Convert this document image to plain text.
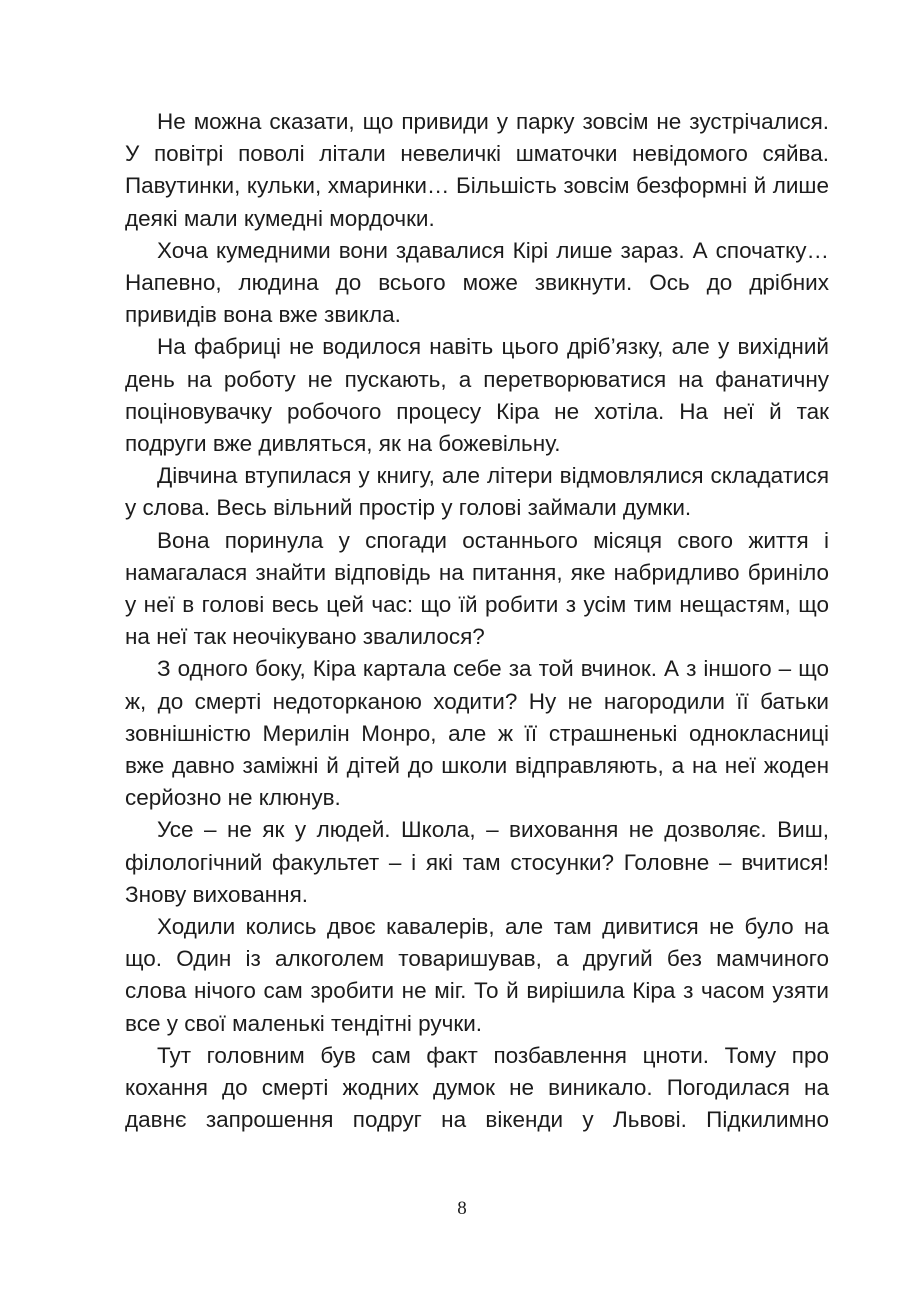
Не можна сказати, що привиди у парку зовсім не зустрічалися. У повітрі поволі літали невеличкі шматочки невідомого сяйва. Павутинки, кульки, хмаринки… Більшість зовсім безформні й лише деякі мали кумедні мордочки.

Хоча кумедними вони здавалися Кірі лише зараз. А спочатку… Напевно, людина до всього може звикнути. Ось до дрібних привидів вона вже звикла.

На фабриці не водилося навіть цього дріб’язку, але у вихідний день на роботу не пускають, а перетворюватися на фанатичну поціновувачку робочого процесу Кіра не хотіла. На неї й так подруги вже дивляться, як на божевільну.

Дівчина втупилася у книгу, але літери відмовлялися складатися у слова. Весь вільний простір у голові займали думки.

Вона поринула у спогади останнього місяця свого життя і намагалася знайти відповідь на питання, яке набридливо бриніло у неї в голові весь цей час: що їй робити з усім тим нещастям, що на неї так неочікувано звалилося?

З одного боку, Кіра картала себе за той вчинок. А з іншого – що ж, до смерті недоторканою ходити? Ну не нагородили її батьки зовнішністю Мерилін Монро, але ж її страшненькі однокласниці вже давно заміжні й дітей до школи відправляють, а на неї жоден серйозно не клюнув.

Усе – не як у людей. Школа, – виховання не дозволяє. Виш, філологічний факультет – і які там стосунки? Головне – вчитися! Знову виховання.

Ходили колись двоє кавалерів, але там дивитися не було на що. Один із алкоголем товаришував, а другий без мамчиного слова нічого сам зробити не міг. То й вирішила Кіра з часом узяти все у свої маленькі тендітні ручки.

Тут головним був сам факт позбавлення цноти. Тому про кохання до смерті жодних думок не виникало. Погодилася на давнє запрошення подруг на вікенди у Львові. Підкилимно

8
